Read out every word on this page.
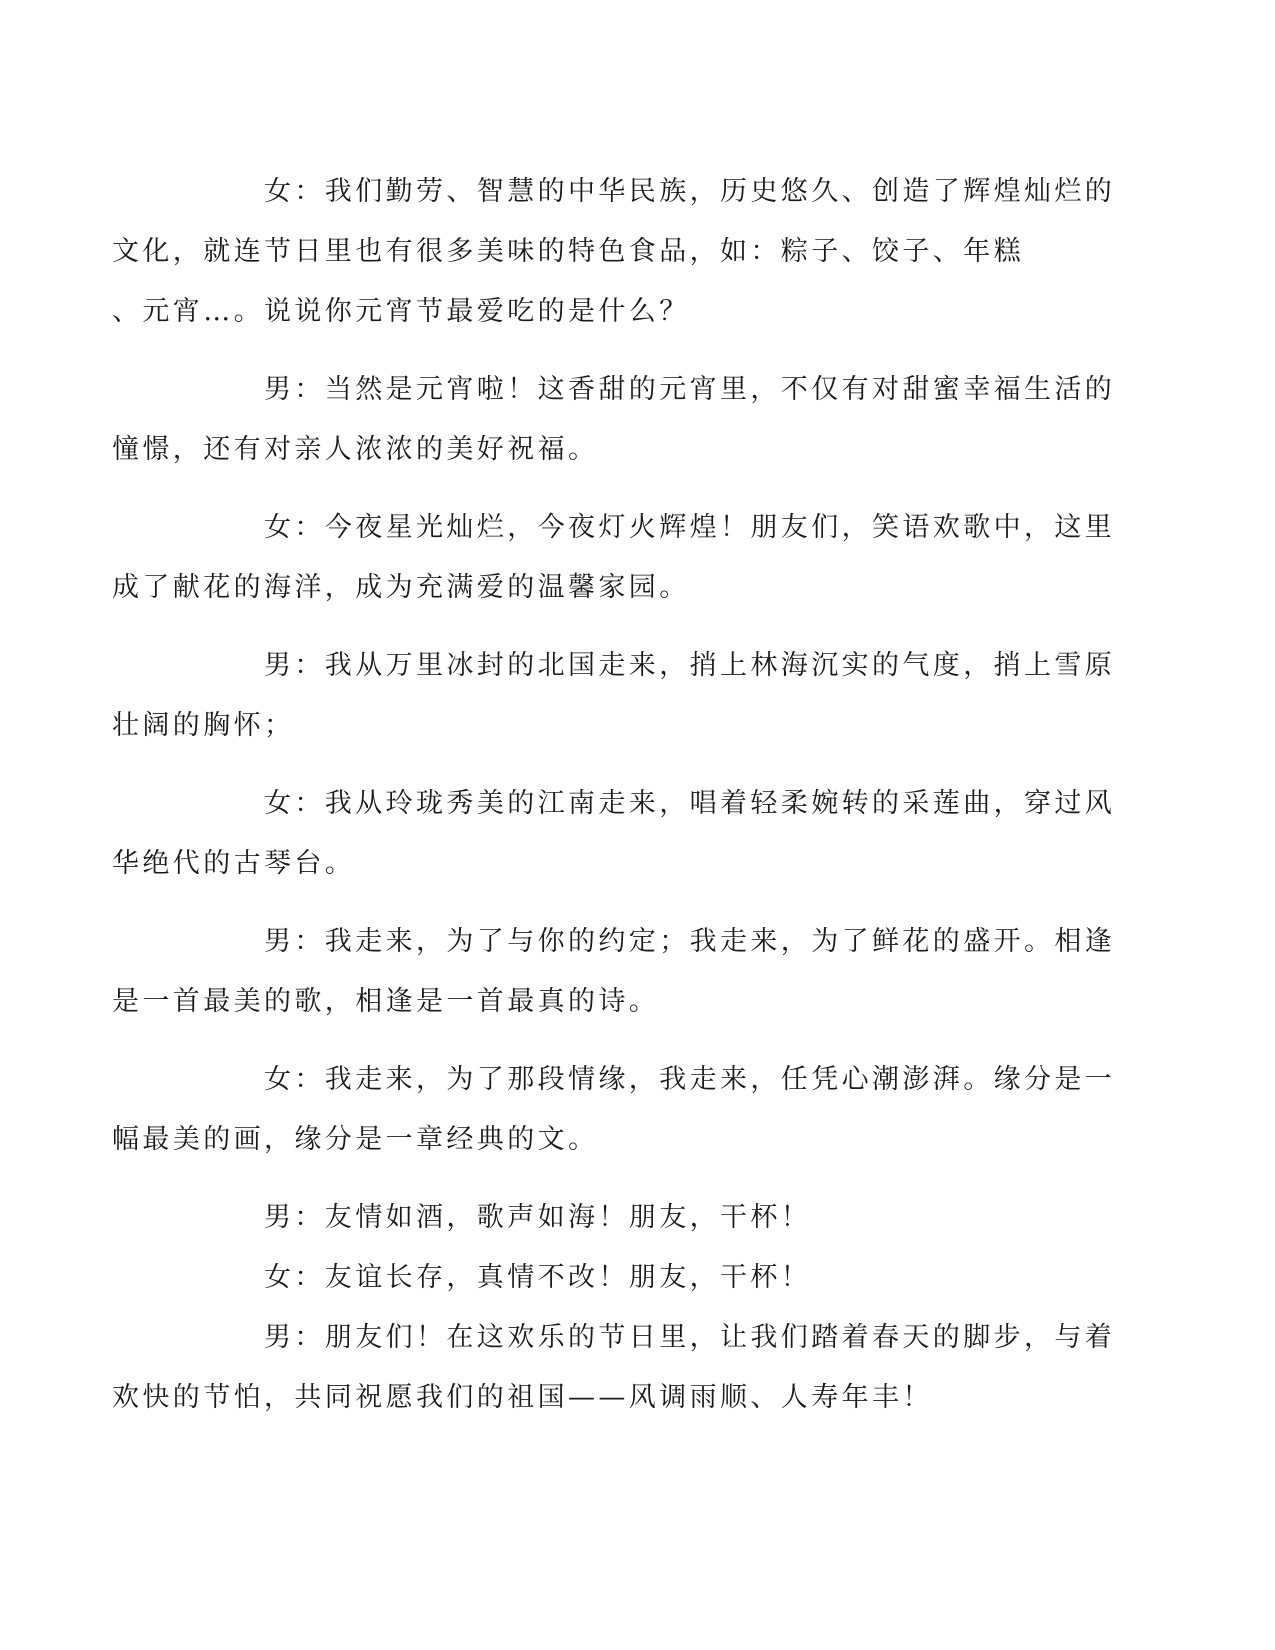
女：我们勤劳、智慧的中华民族，历史悠久、创造了辉煌灿烂的
文化，就连节日里也有很多美味的特色食品，如：粽子、饺子、年糕
、元宵…。说说你元宵节最爱吃的是什么？

男：当然是元宵啦！这香甜的元宵里，不仅有对甜蜜幸福生活的
憧憬，还有对亲人浓浓的美好祝福。

女：今夜星光灿烂，今夜灯火辉煌！朋友们，笑语欢歌中，这里
成了献花的海洋，成为充满爱的温馨家园。

男：我从万里冰封的北国走来，捎上林海沉实的气度，捎上雪原
壮阔的胸怀；

女：我从玲珑秀美的江南走来，唱着轻柔婉转的采莲曲，穿过风
华绝代的古琴台。

男：我走来，为了与你的约定；我走来，为了鲜花的盛开。相逢
是一首最美的歌，相逢是一首最真的诗。

女：我走来，为了那段情缘，我走来，任凭心潮澎湃。缘分是一
幅最美的画，缘分是一章经典的文。

男：友情如酒，歌声如海！朋友，干杯！

女：友谊长存，真情不改！朋友，干杯！

男：朋友们！在这欢乐的节日里，让我们踏着春天的脚步，与着
欢快的节怕，共同祝愿我们的祖国——风调雨顺、人寿年丰！
